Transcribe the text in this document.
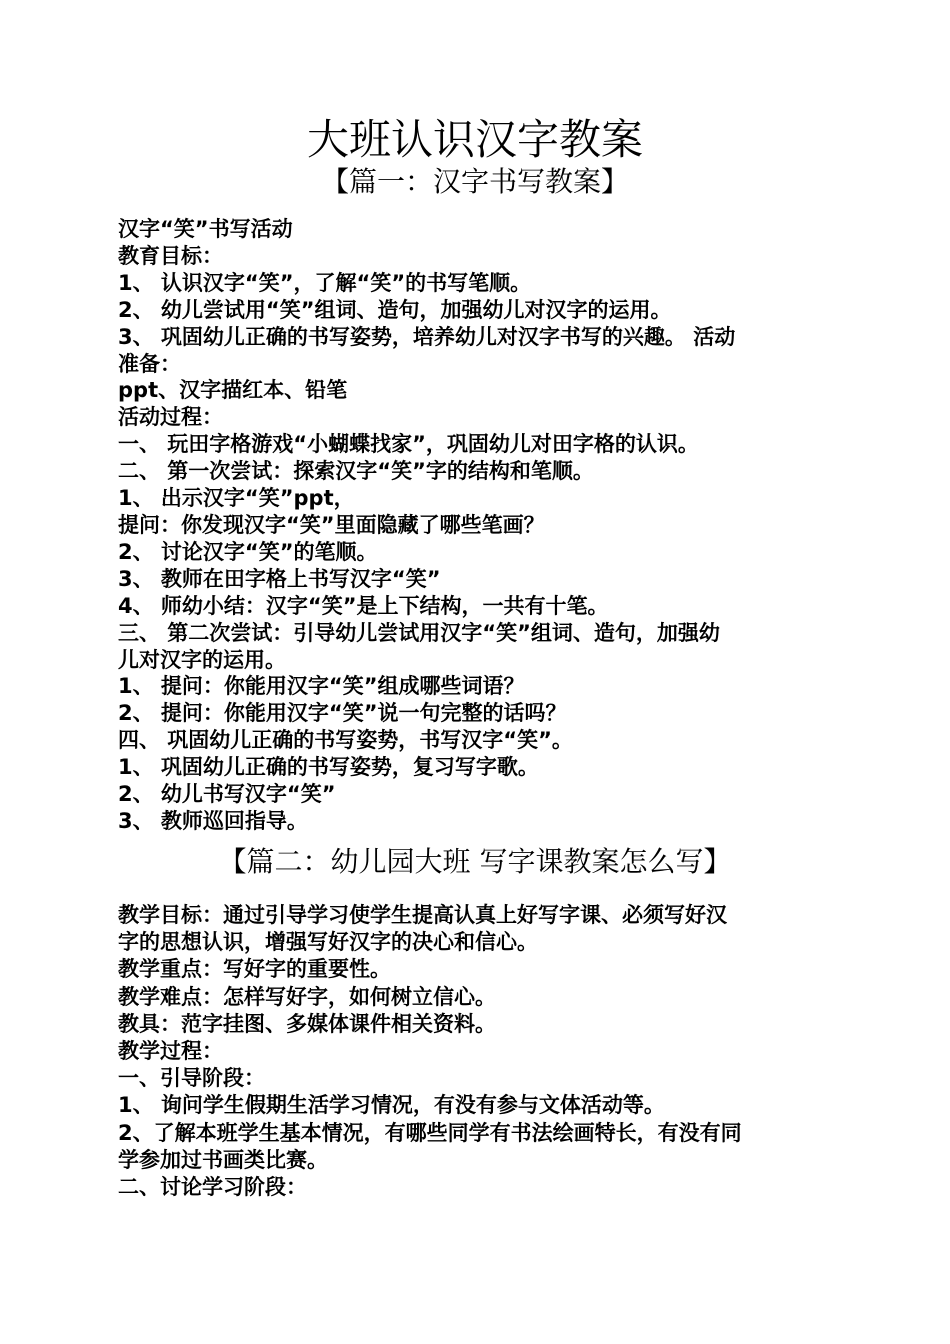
大班认识汉字教案
【篇一：汉字书写教案】
汉字“笑”书写活动
教育目标：
1、 认识汉字“笑”，了解“笑”的书写笔顺。
2、 幼儿尝试用“笑”组词、造句，加强幼儿对汉字的运用。
3、 巩固幼儿正确的书写姿势，培养幼儿对汉字书写的兴趣。 活动
准备：
ppt、汉字描红本、铅笔
活动过程：
一、 玩田字格游戏“小蝴蝶找家”，巩固幼儿对田字格的认识。
二、 第一次尝试：探索汉字“笑”字的结构和笔顺。
1、 出示汉字“笑”ppt，
提问：你发现汉字“笑”里面隐藏了哪些笔画？
2、 讨论汉字“笑”的笔顺。
3、 教师在田字格上书写汉字“笑”
4、 师幼小结：汉字“笑”是上下结构，一共有十笔。
三、 第二次尝试：引导幼儿尝试用汉字“笑”组词、造句，加强幼
儿对汉字的运用。
1、 提问：你能用汉字“笑”组成哪些词语？
2、 提问：你能用汉字“笑”说一句完整的话吗？
四、 巩固幼儿正确的书写姿势，书写汉字“笑”。
1、 巩固幼儿正确的书写姿势，复习写字歌。
2、 幼儿书写汉字“笑”
3、 教师巡回指导。
【篇二：幼儿园大班 写字课教案怎么写】
教学目标：通过引导学习使学生提高认真上好写字课、必须写好汉
字的思想认识，增强写好汉字的决心和信心。
教学重点：写好字的重要性。
教学难点：怎样写好字，如何树立信心。
教具：范字挂图、多媒体课件相关资料。
教学过程：
一、引导阶段：
1、 询问学生假期生活学习情况，有没有参与文体活动等。
2、了解本班学生基本情况，有哪些同学有书法绘画特长，有没有同
学参加过书画类比赛。
二、讨论学习阶段：
